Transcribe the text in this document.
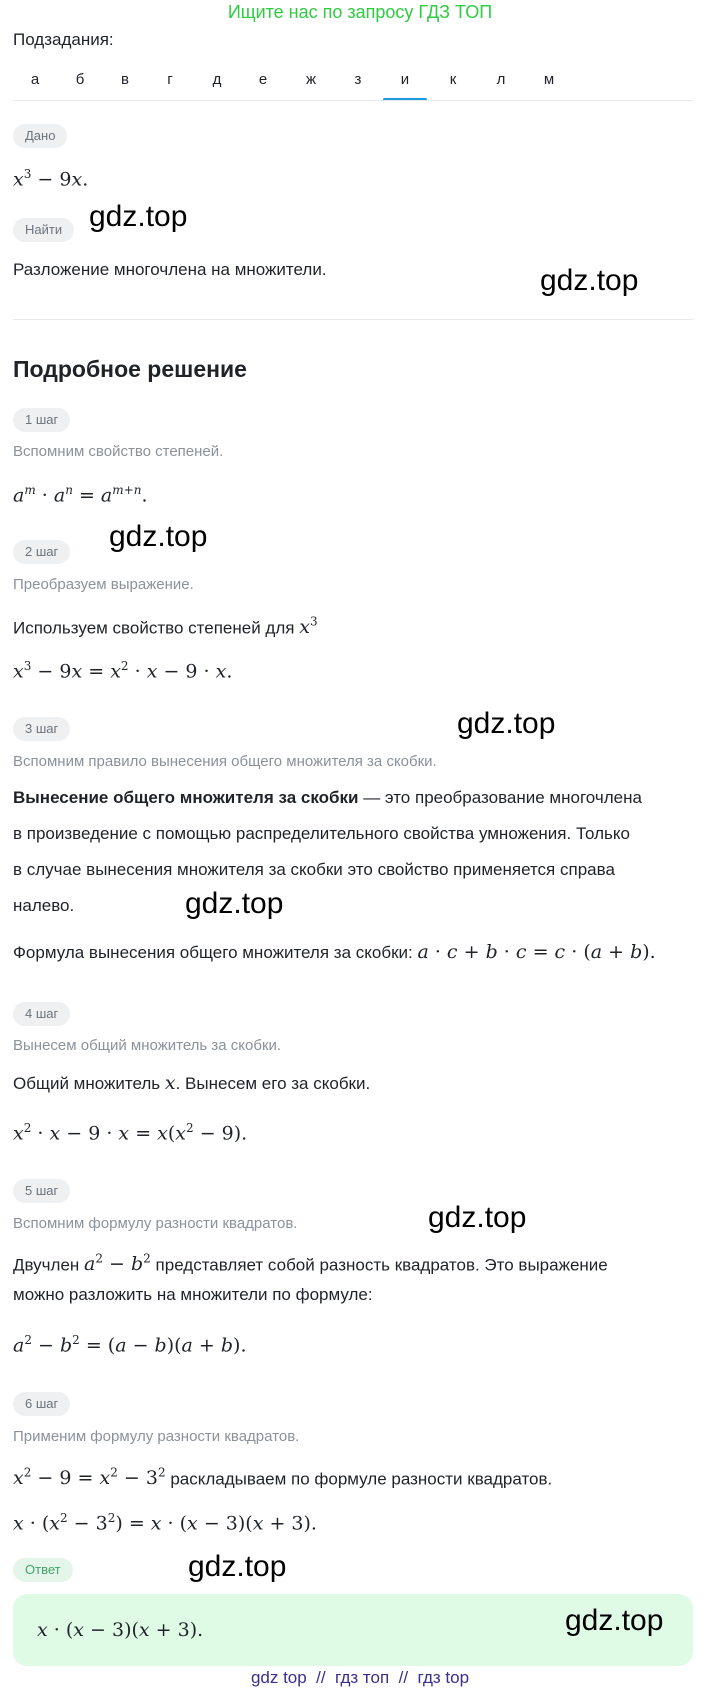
Ищите нас по запросу ГДЗ ТОП
Подзадания:
а	б	в	г	д	е	ж	з	и	к	л	м
Дано
$x^3 - 9x$.
Найти
Разложение многочлена на множители.
Подробное решение
1 шаг
Вспомним свойство степеней.
$a^m \cdot a^n = a^{m+n}$.
2 шаг
Преобразуем выражение.
Используем свойство степеней для $x^3$
$x^3 - 9x = x^2 \cdot x - 9 \cdot x$.
3 шаг
Вспомним правило вынесения общего множителя за скобки.
Вынесение общего множителя за скобки — это преобразование многочлена
в произведение с помощью распределительного свойства умножения. Только
в случае вынесения множителя за скобки это свойство применяется справа
налево.
Формула вынесения общего множителя за скобки: a · c + b · c = c · (a + b).
4 шаг
Вынесем общий множитель за скобки.
Общий множитель x. Вынесем его за скобки.
$x^2 \cdot x - 9 \cdot x = x(x^2 - 9)$.
5 шаг
Вспомним формулу разности квадратов.
Двучлен $a^2 - b^2$ представляет собой разность квадратов. Это выражение
можно разложить на множители по формуле:
$a^2 - b^2 = (a - b)(a + b)$.
6 шаг
Применим формулу разности квадратов.
$x^2 - 9 = x^2 - 3^2$ раскладываем по формуле разности квадратов.
$x \cdot (x^2 - 3^2) = x \cdot (x - 3)(x + 3)$.
Ответ
x · (x − 3)(x + 3).
gdz.top
gdz.top
gdz.top
gdz.top
gdz.top
gdz.top
gdz.top
gdz.top
gdz top  //  гдз топ  //  гдз top
